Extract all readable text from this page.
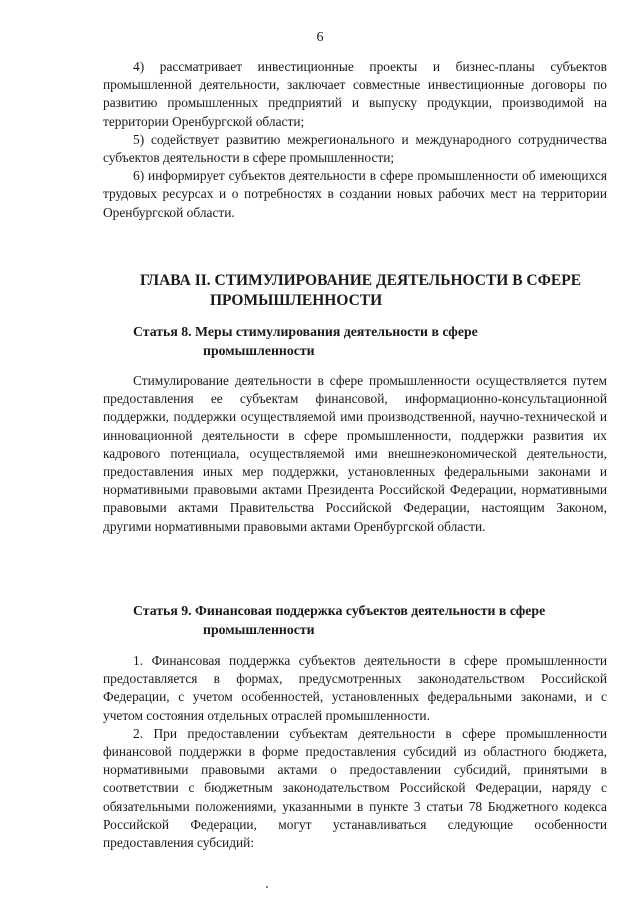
6

4) рассматривает инвестиционные проекты и бизнес-планы субъектов промышленной деятельности, заключает совместные инвестиционные договоры по развитию промышленных предприятий и выпуску продукции, производимой на территории Оренбургской области;

5) содействует развитию межрегионального и международного сотрудничества субъектов деятельности в сфере промышленности;

6) информирует субъектов деятельности в сфере промышленности об имеющихся трудовых ресурсах и о потребностях в создании новых рабочих мест на территории Оренбургской области.

ГЛАВА II. СТИМУЛИРОВАНИЕ ДЕЯТЕЛЬНОСТИ В СФЕРЕ
ПРОМЫШЛЕННОСТИ
Статья 8. Меры стимулирования деятельности в сфере
промышленности

Стимулирование деятельности в сфере промышленности осуществляется путем предоставления ее субъектам финансовой, информационно-консультационной поддержки, поддержки осуществляемой ими производственной, научно-технической и инновационной деятельности в сфере промышленности, поддержки развития их кадрового потенциала, осуществляемой ими внешнеэкономической деятельности, предоставления иных мер поддержки, установленных федеральными законами и нормативными правовыми актами Президента Российской Федерации, нормативными правовыми актами Правительства Российской Федерации, настоящим Законом, другими нормативными правовыми актами Оренбургской области.

Статья 9. Финансовая поддержка субъектов деятельности в сфере
промышленности

1. Финансовая поддержка субъектов деятельности в сфере промышленности предоставляется в формах, предусмотренных законодательством Российской Федерации, с учетом особенностей, установленных федеральными законами, и с учетом состояния отдельных отраслей промышленности.

2. При предоставлении субъектам деятельности в сфере промышленности финансовой поддержки в форме предоставления субсидий из областного бюджета, нормативными правовыми актами о предоставлении субсидий, принятыми в соответствии с бюджетным законодательством Российской Федерации, наряду с обязательными положениями, указанными в пункте 3 статьи 78 Бюджетного кодекса Российской Федерации, могут устанавливаться следующие особенности предоставления субсидий:
